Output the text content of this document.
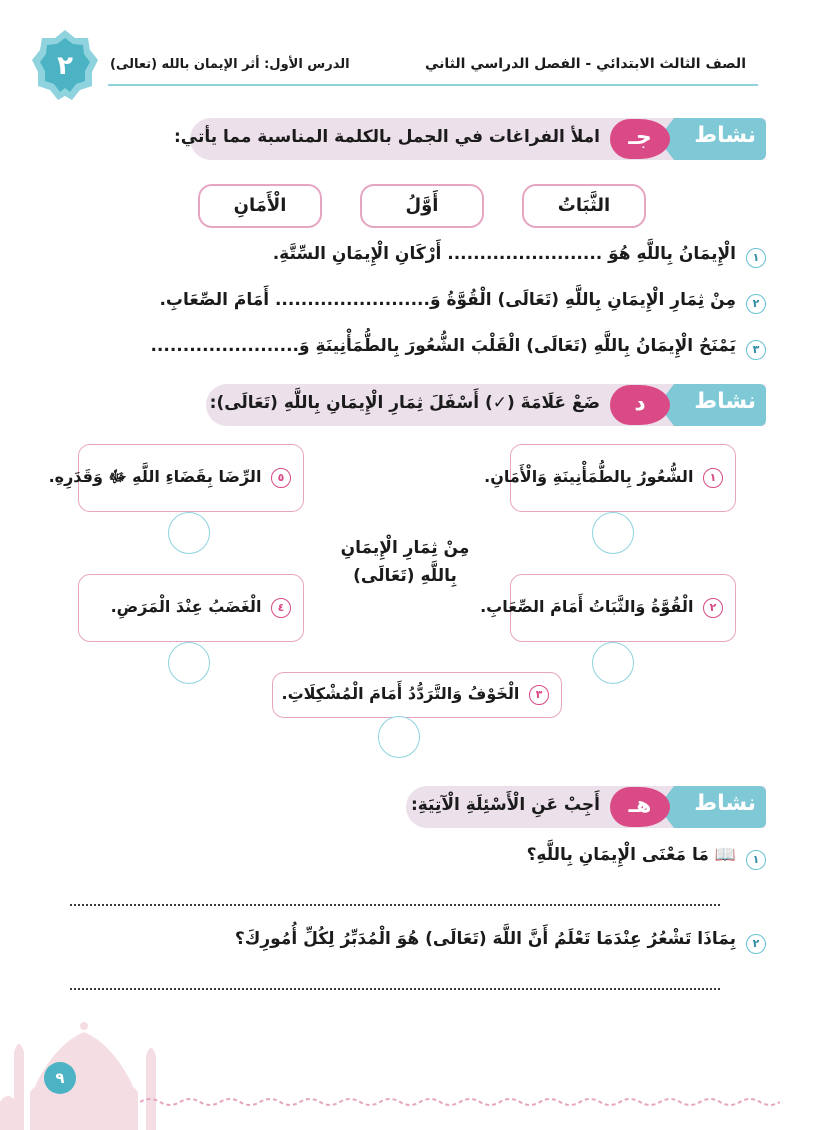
٢	الصف الثالث الابتدائي - الفصل الدراسي الثاني
الدرس الأول: أثر الإيمان بالله (تعالى)
نشاط
جـ
املأ الفراغات في الجمل بالكلمة المناسبة مما يأتي:
الثَّبَاتُ
أَوَّلُ
الْأَمَانِ
١
الْإِيمَانُ بِاللَّهِ هُوَ ........................ أَرْكَانِ الْإِيمَانِ السِّتَّةِ.
٢
مِنْ ثِمَارِ الْإِيمَانِ بِاللَّهِ (تَعَالَى) الْقُوَّةُ وَ........................ أَمَامَ الصِّعَابِ.
٣
يَمْنَحُ الْإِيمَانُ بِاللَّهِ (تَعَالَى) الْقَلْبَ الشُّعُورَ بِالطُّمَأْنِينَةِ وَ.......................
نشاط
د
ضَعْ عَلَامَةَ (✓) أَسْفَلَ ثِمَارِ الْإِيمَانِ بِاللَّهِ (تَعَالَى):
١ الشُّعُورُ بِالطُّمَأْنِينَةِ وَالْأَمَانِ.
٥ الرِّضَا بِقَضَاءِ اللَّهِ ﷻ وَقَدَرِهِ.
مِنْ ثِمَارِ الْإِيمَانِ
بِاللَّهِ (تَعَالَى)
٢ الْقُوَّةُ وَالثَّبَاتُ أَمَامَ الصِّعَابِ.
٤ الْغَضَبُ عِنْدَ الْمَرَضِ.
٣ الْخَوْفُ وَالتَّرَدُّدُ أَمَامَ الْمُشْكِلَاتِ.
نشاط
هـ
أَجِبْ عَنِ الْأَسْئِلَةِ الْآتِيَةِ:
١
📖 مَا مَعْنَى الْإِيمَانِ بِاللَّهِ؟
٢
بِمَاذَا تَشْعُرُ عِنْدَمَا تَعْلَمُ أَنَّ اللَّهَ (تَعَالَى) هُوَ الْمُدَبِّرُ لِكُلِّ أُمُورِكَ؟
٩
